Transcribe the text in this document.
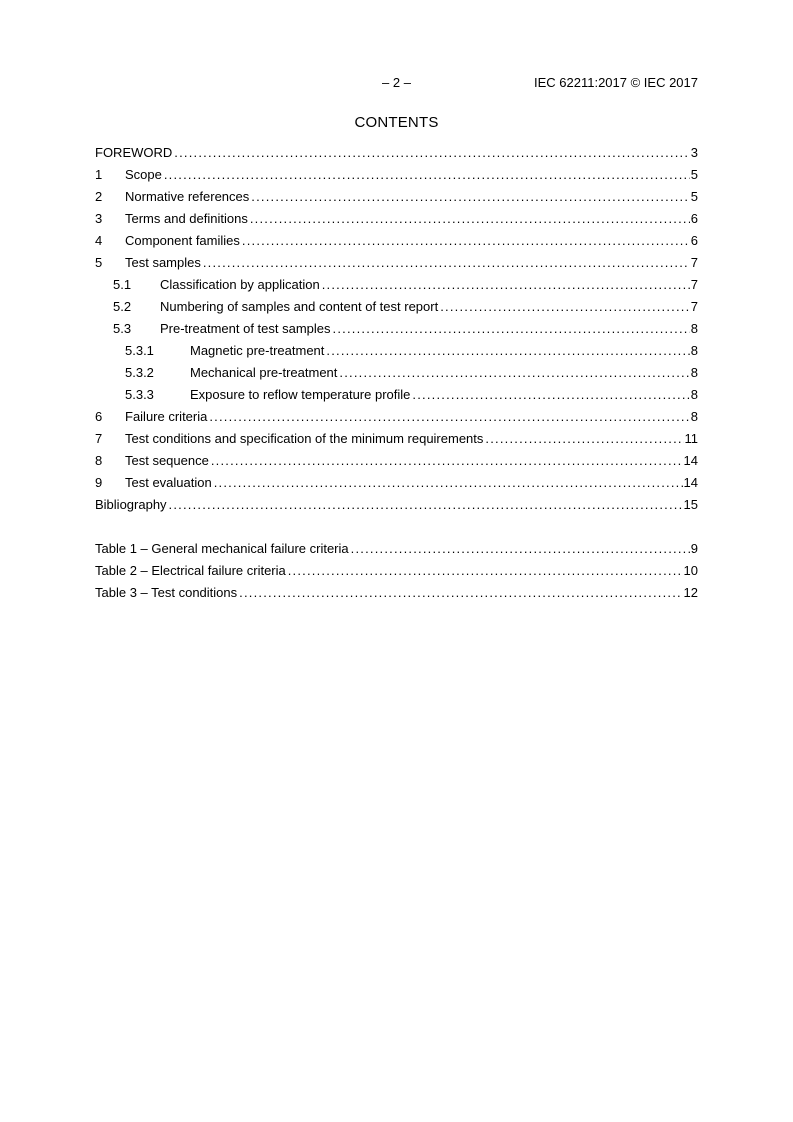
– 2 –	IEC 62211:2017 © IEC 2017
CONTENTS
FOREWORD .....	3
1	Scope .....	5
2	Normative references .....	5
3	Terms and definitions .....	6
4	Component families .....	6
5	Test samples .....	7
5.1	Classification by application .....	7
5.2	Numbering of samples and content of test report .....	7
5.3	Pre-treatment of test samples .....	8
5.3.1	Magnetic pre-treatment .....	8
5.3.2	Mechanical pre-treatment .....	8
5.3.3	Exposure to reflow temperature profile .....	8
6	Failure criteria .....	8
7	Test conditions and specification of the minimum requirements .....	11
8	Test sequence .....	14
9	Test evaluation .....	14
Bibliography .....	15
Table 1 – General mechanical failure criteria .....	9
Table 2 – Electrical failure criteria .....	10
Table 3 – Test conditions .....	12
